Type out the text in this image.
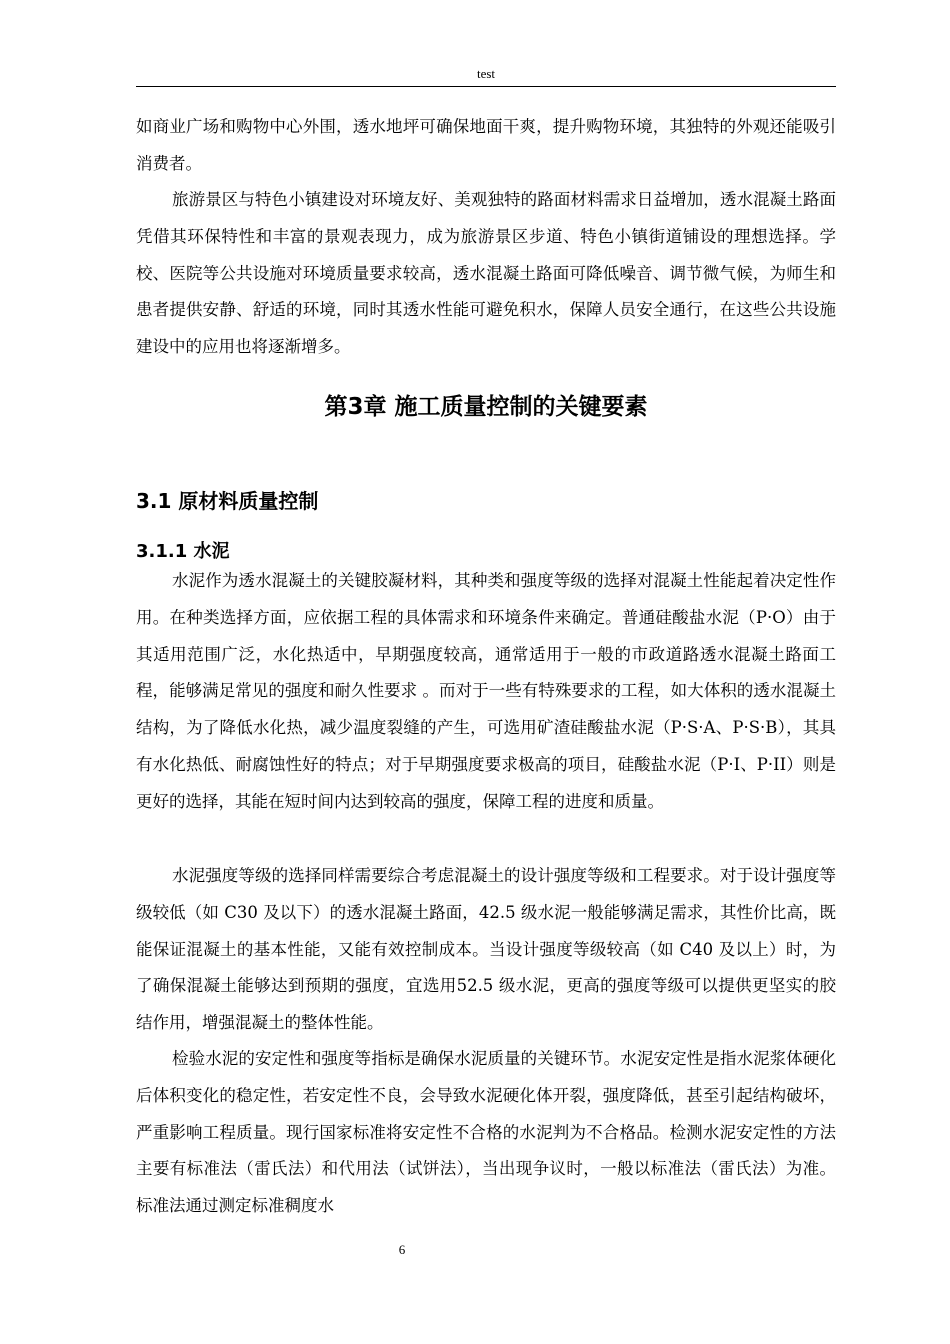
test

如商业广场和购物中心外围，透水地坪可确保地面干爽，提升购物环境，其独特的外观还能吸引消费者。

旅游景区与特色小镇建设对环境友好、美观独特的路面材料需求日益增加，透水混凝土路面凭借其环保特性和丰富的景观表现力，成为旅游景区步道、特色小镇街道铺设的理想选择。学校、医院等公共设施对环境质量要求较高，透水混凝土路面可降低噪音、调节微气候，为师生和患者提供安静、舒适的环境，同时其透水性能可避免积水，保障人员安全通行，在这些公共设施建设中的应用也将逐渐增多。

第3章 施工质量控制的关键要素
3.1 原材料质量控制
3.1.1 水泥

水泥作为透水混凝土的关键胶凝材料，其种类和强度等级的选择对混凝土性能起着决定性作用。在种类选择方面，应依据工程的具体需求和环境条件来确定。普通硅酸盐水泥（P·O）由于其适用范围广泛，水化热适中，早期强度较高，通常适用于一般的市政道路透水混凝土路面工程，能够满足常见的强度和耐久性要求 。而对于一些有特殊要求的工程，如大体积的透水混凝土结构，为了降低水化热，减少温度裂缝的产生，可选用矿渣硅酸盐水泥（P·S·A、P·S·B），其具有水化热低、耐腐蚀性好的特点；对于早期强度要求极高的项目，硅酸盐水泥（P·I、P·II）则是更好的选择，其能在短时间内达到较高的强度，保障工程的进度和质量。

水泥强度等级的选择同样需要综合考虑混凝土的设计强度等级和工程要求。对于设计强度等级较低（如 C30 及以下）的透水混凝土路面，42.5 级水泥一般能够满足需求，其性价比高，既能保证混凝土的基本性能，又能有效控制成本。当设计强度等级较高（如 C40 及以上）时，为了确保混凝土能够达到预期的强度，宜选用52.5 级水泥，更高的强度等级可以提供更坚实的胶结作用，增强混凝土的整体性能。

检验水泥的安定性和强度等指标是确保水泥质量的关键环节。水泥安定性是指水泥浆体硬化后体积变化的稳定性，若安定性不良，会导致水泥硬化体开裂，强度降低，甚至引起结构破坏，严重影响工程质量。现行国家标准将安定性不合格的水泥判为不合格品。检测水泥安定性的方法主要有标准法（雷氏法）和代用法（试饼法），当出现争议时，一般以标准法（雷氏法）为准。标准法通过测定标准稠度水

6
